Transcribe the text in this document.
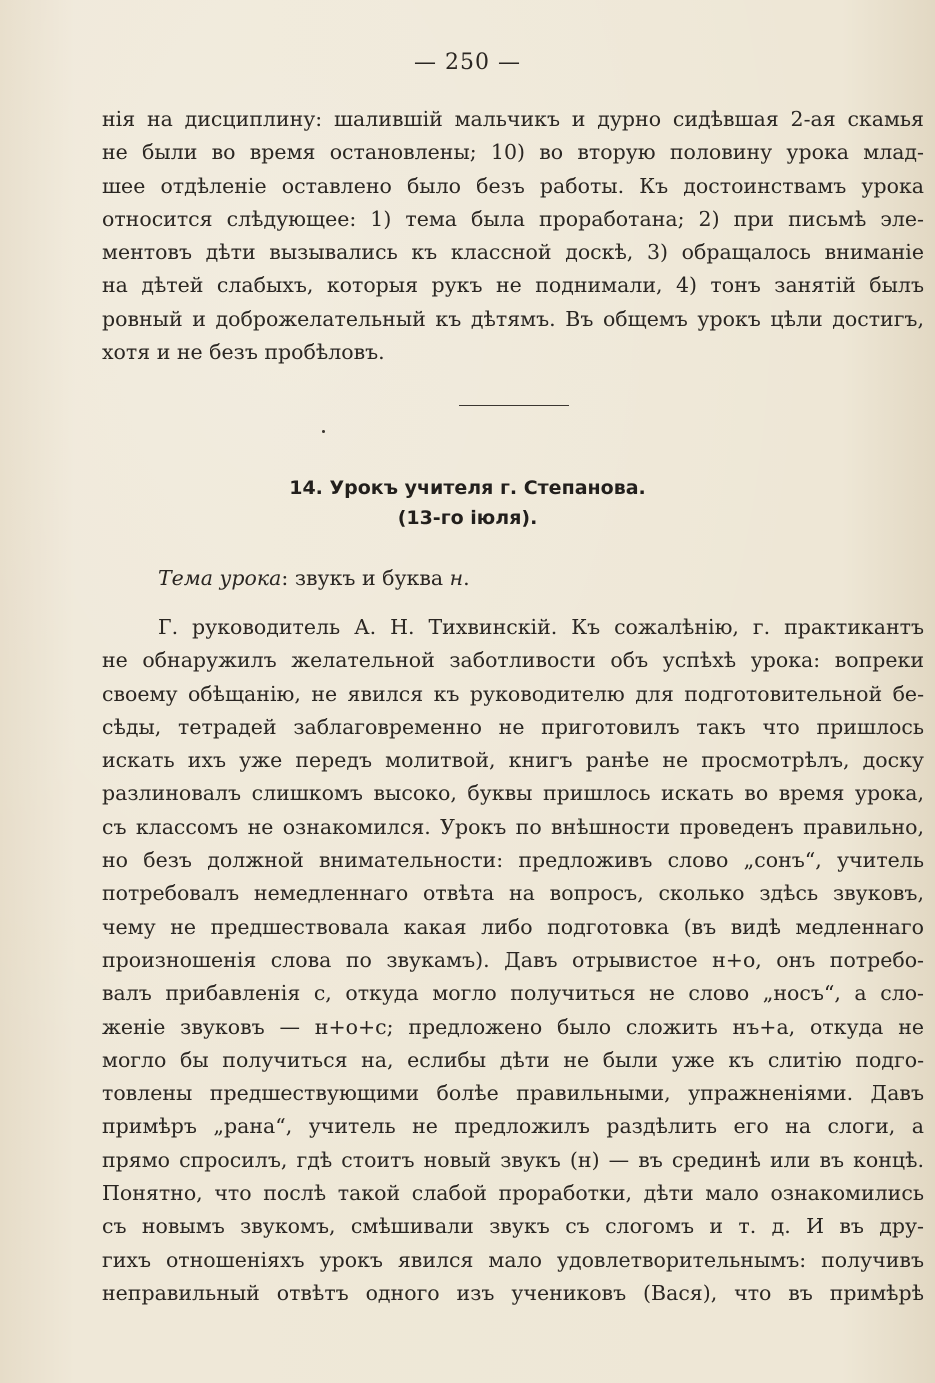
— 250 —
нія на дисциплину: шалившій мальчикъ и дурно сидѣвшая 2-ая скамья
не были во время остановлены; 10) во вторую половину урока млад-
шее отдѣленіе оставлено было безъ работы. Къ достоинствамъ урока
относится слѣдующее: 1) тема была проработана; 2) при письмѣ эле-
ментовъ дѣти вызывались къ классной доскѣ, 3) обращалось вниманіе
на дѣтей слабыхъ, которыя рукъ не поднимали, 4) тонъ занятій былъ
ровный и доброжелательный къ дѣтямъ. Въ общемъ урокъ цѣли достигъ,
хотя и не безъ пробѣловъ.
14. Урокъ учителя г. Степанова.
(13-го іюля).
Тема урока: звукъ и буква н.
Г. руководитель А. Н. Тихвинскій. Къ сожалѣнію, г. практикантъ
не обнаружилъ желательной заботливости объ успѣхѣ урока: вопреки
своему обѣщанію, не явился къ руководителю для подготовительной бе-
сѣды, тетрадей заблаговременно не приготовилъ такъ что пришлось
искать ихъ уже передъ молитвой, книгъ ранѣе не просмотрѣлъ, доску
разлиновалъ слишкомъ высоко, буквы пришлось искать во время урока,
съ классомъ не ознакомился. Урокъ по внѣшности проведенъ правильно,
но безъ должной внимательности: предложивъ слово „сонъ“, учитель
потребовалъ немедленнаго отвѣта на вопросъ, сколько здѣсь звуковъ,
чему не предшествовала какая либо подготовка (въ видѣ медленнаго
произношенія слова по звукамъ). Давъ отрывистое н+о, онъ потребо-
валъ прибавленія с, откуда могло получиться не слово „носъ“, а сло-
женіе звуковъ — н+о+с; предложено было сложить нъ+а, откуда не
могло бы получиться на, еслибы дѣти не были уже къ слитію подго-
товлены предшествующими болѣе правильными, упражненіями. Давъ
примѣръ „рана“, учитель не предложилъ раздѣлить его на слоги, а
прямо спросилъ, гдѣ стоитъ новый звукъ (н) — въ срединѣ или въ концѣ.
Понятно, что послѣ такой слабой проработки, дѣти мало ознакомились
съ новымъ звукомъ, смѣшивали звукъ съ слогомъ и т. д. И въ дру-
гихъ отношеніяхъ урокъ явился мало удовлетворительнымъ: получивъ
неправильный отвѣтъ одного изъ учениковъ (Вася), что въ примѣрѣ
